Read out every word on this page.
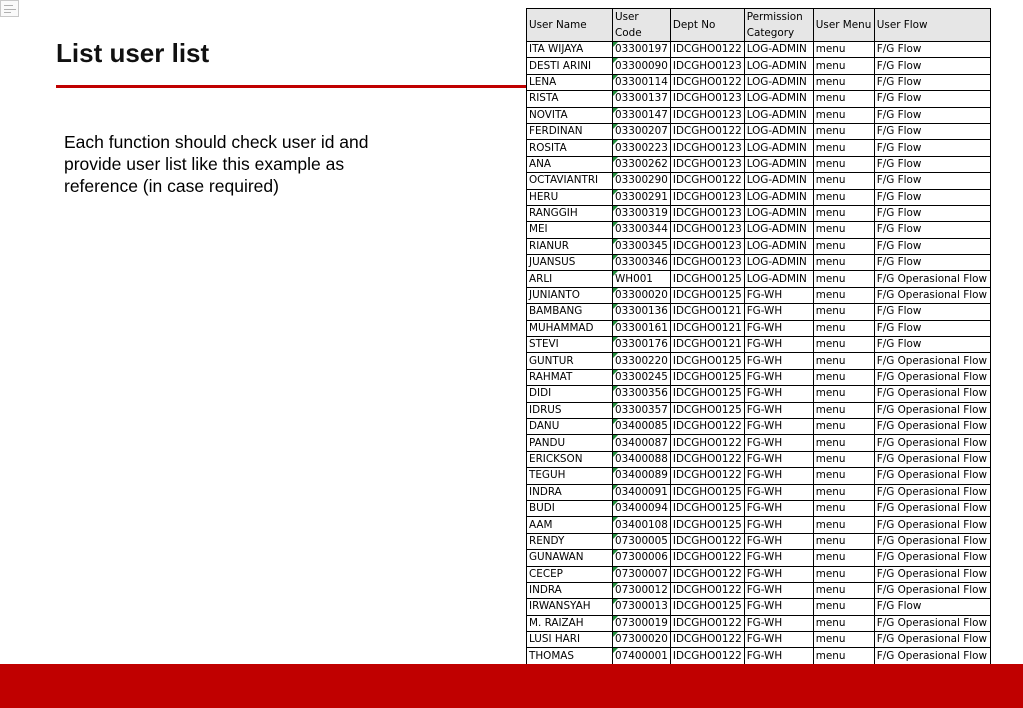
List user list
Each function should check user id and provide user list like this example as reference (in case required)
User Name	User Code	Dept No	Permission Category	User Menu	User Flow
ITA WIJAYA	03300197	IDCGHO0122	LOG-ADMIN	menu	F/G Flow
DESTI ARINI	03300090	IDCGHO0123	LOG-ADMIN	menu	F/G Flow
LENA	03300114	IDCGHO0122	LOG-ADMIN	menu	F/G Flow
RISTA	03300137	IDCGHO0123	LOG-ADMIN	menu	F/G Flow
NOVITA	03300147	IDCGHO0123	LOG-ADMIN	menu	F/G Flow
FERDINAN	03300207	IDCGHO0122	LOG-ADMIN	menu	F/G Flow
ROSITA	03300223	IDCGHO0123	LOG-ADMIN	menu	F/G Flow
ANA	03300262	IDCGHO0123	LOG-ADMIN	menu	F/G Flow
OCTAVIANTRI	03300290	IDCGHO0122	LOG-ADMIN	menu	F/G Flow
HERU	03300291	IDCGHO0123	LOG-ADMIN	menu	F/G Flow
RANGGIH	03300319	IDCGHO0123	LOG-ADMIN	menu	F/G Flow
MEI	03300344	IDCGHO0123	LOG-ADMIN	menu	F/G Flow
RIANUR	03300345	IDCGHO0123	LOG-ADMIN	menu	F/G Flow
JUANSUS	03300346	IDCGHO0123	LOG-ADMIN	menu	F/G Flow
ARLI	WH001	IDCGHO0125	LOG-ADMIN	menu	F/G Operasional Flow
JUNIANTO	03300020	IDCGHO0125	FG-WH	menu	F/G Operasional Flow
BAMBANG	03300136	IDCGHO0121	FG-WH	menu	F/G Flow
MUHAMMAD	03300161	IDCGHO0121	FG-WH	menu	F/G Flow
STEVI	03300176	IDCGHO0121	FG-WH	menu	F/G Flow
GUNTUR	03300220	IDCGHO0125	FG-WH	menu	F/G Operasional Flow
RAHMAT	03300245	IDCGHO0125	FG-WH	menu	F/G Operasional Flow
DIDI	03300356	IDCGHO0125	FG-WH	menu	F/G Operasional Flow
IDRUS	03300357	IDCGHO0125	FG-WH	menu	F/G Operasional Flow
DANU	03400085	IDCGHO0122	FG-WH	menu	F/G Operasional Flow
PANDU	03400087	IDCGHO0122	FG-WH	menu	F/G Operasional Flow
ERICKSON	03400088	IDCGHO0122	FG-WH	menu	F/G Operasional Flow
TEGUH	03400089	IDCGHO0122	FG-WH	menu	F/G Operasional Flow
INDRA	03400091	IDCGHO0125	FG-WH	menu	F/G Operasional Flow
BUDI	03400094	IDCGHO0125	FG-WH	menu	F/G Operasional Flow
AAM	03400108	IDCGHO0125	FG-WH	menu	F/G Operasional Flow
RENDY	07300005	IDCGHO0122	FG-WH	menu	F/G Operasional Flow
GUNAWAN	07300006	IDCGHO0122	FG-WH	menu	F/G Operasional Flow
CECEP	07300007	IDCGHO0122	FG-WH	menu	F/G Operasional Flow
INDRA	07300012	IDCGHO0122	FG-WH	menu	F/G Operasional Flow
IRWANSYAH	07300013	IDCGHO0125	FG-WH	menu	F/G Flow
M. RAIZAH	07300019	IDCGHO0122	FG-WH	menu	F/G Operasional Flow
LUSI HARI	07300020	IDCGHO0122	FG-WH	menu	F/G Operasional Flow
THOMAS	07400001	IDCGHO0122	FG-WH	menu	F/G Operasional Flow
